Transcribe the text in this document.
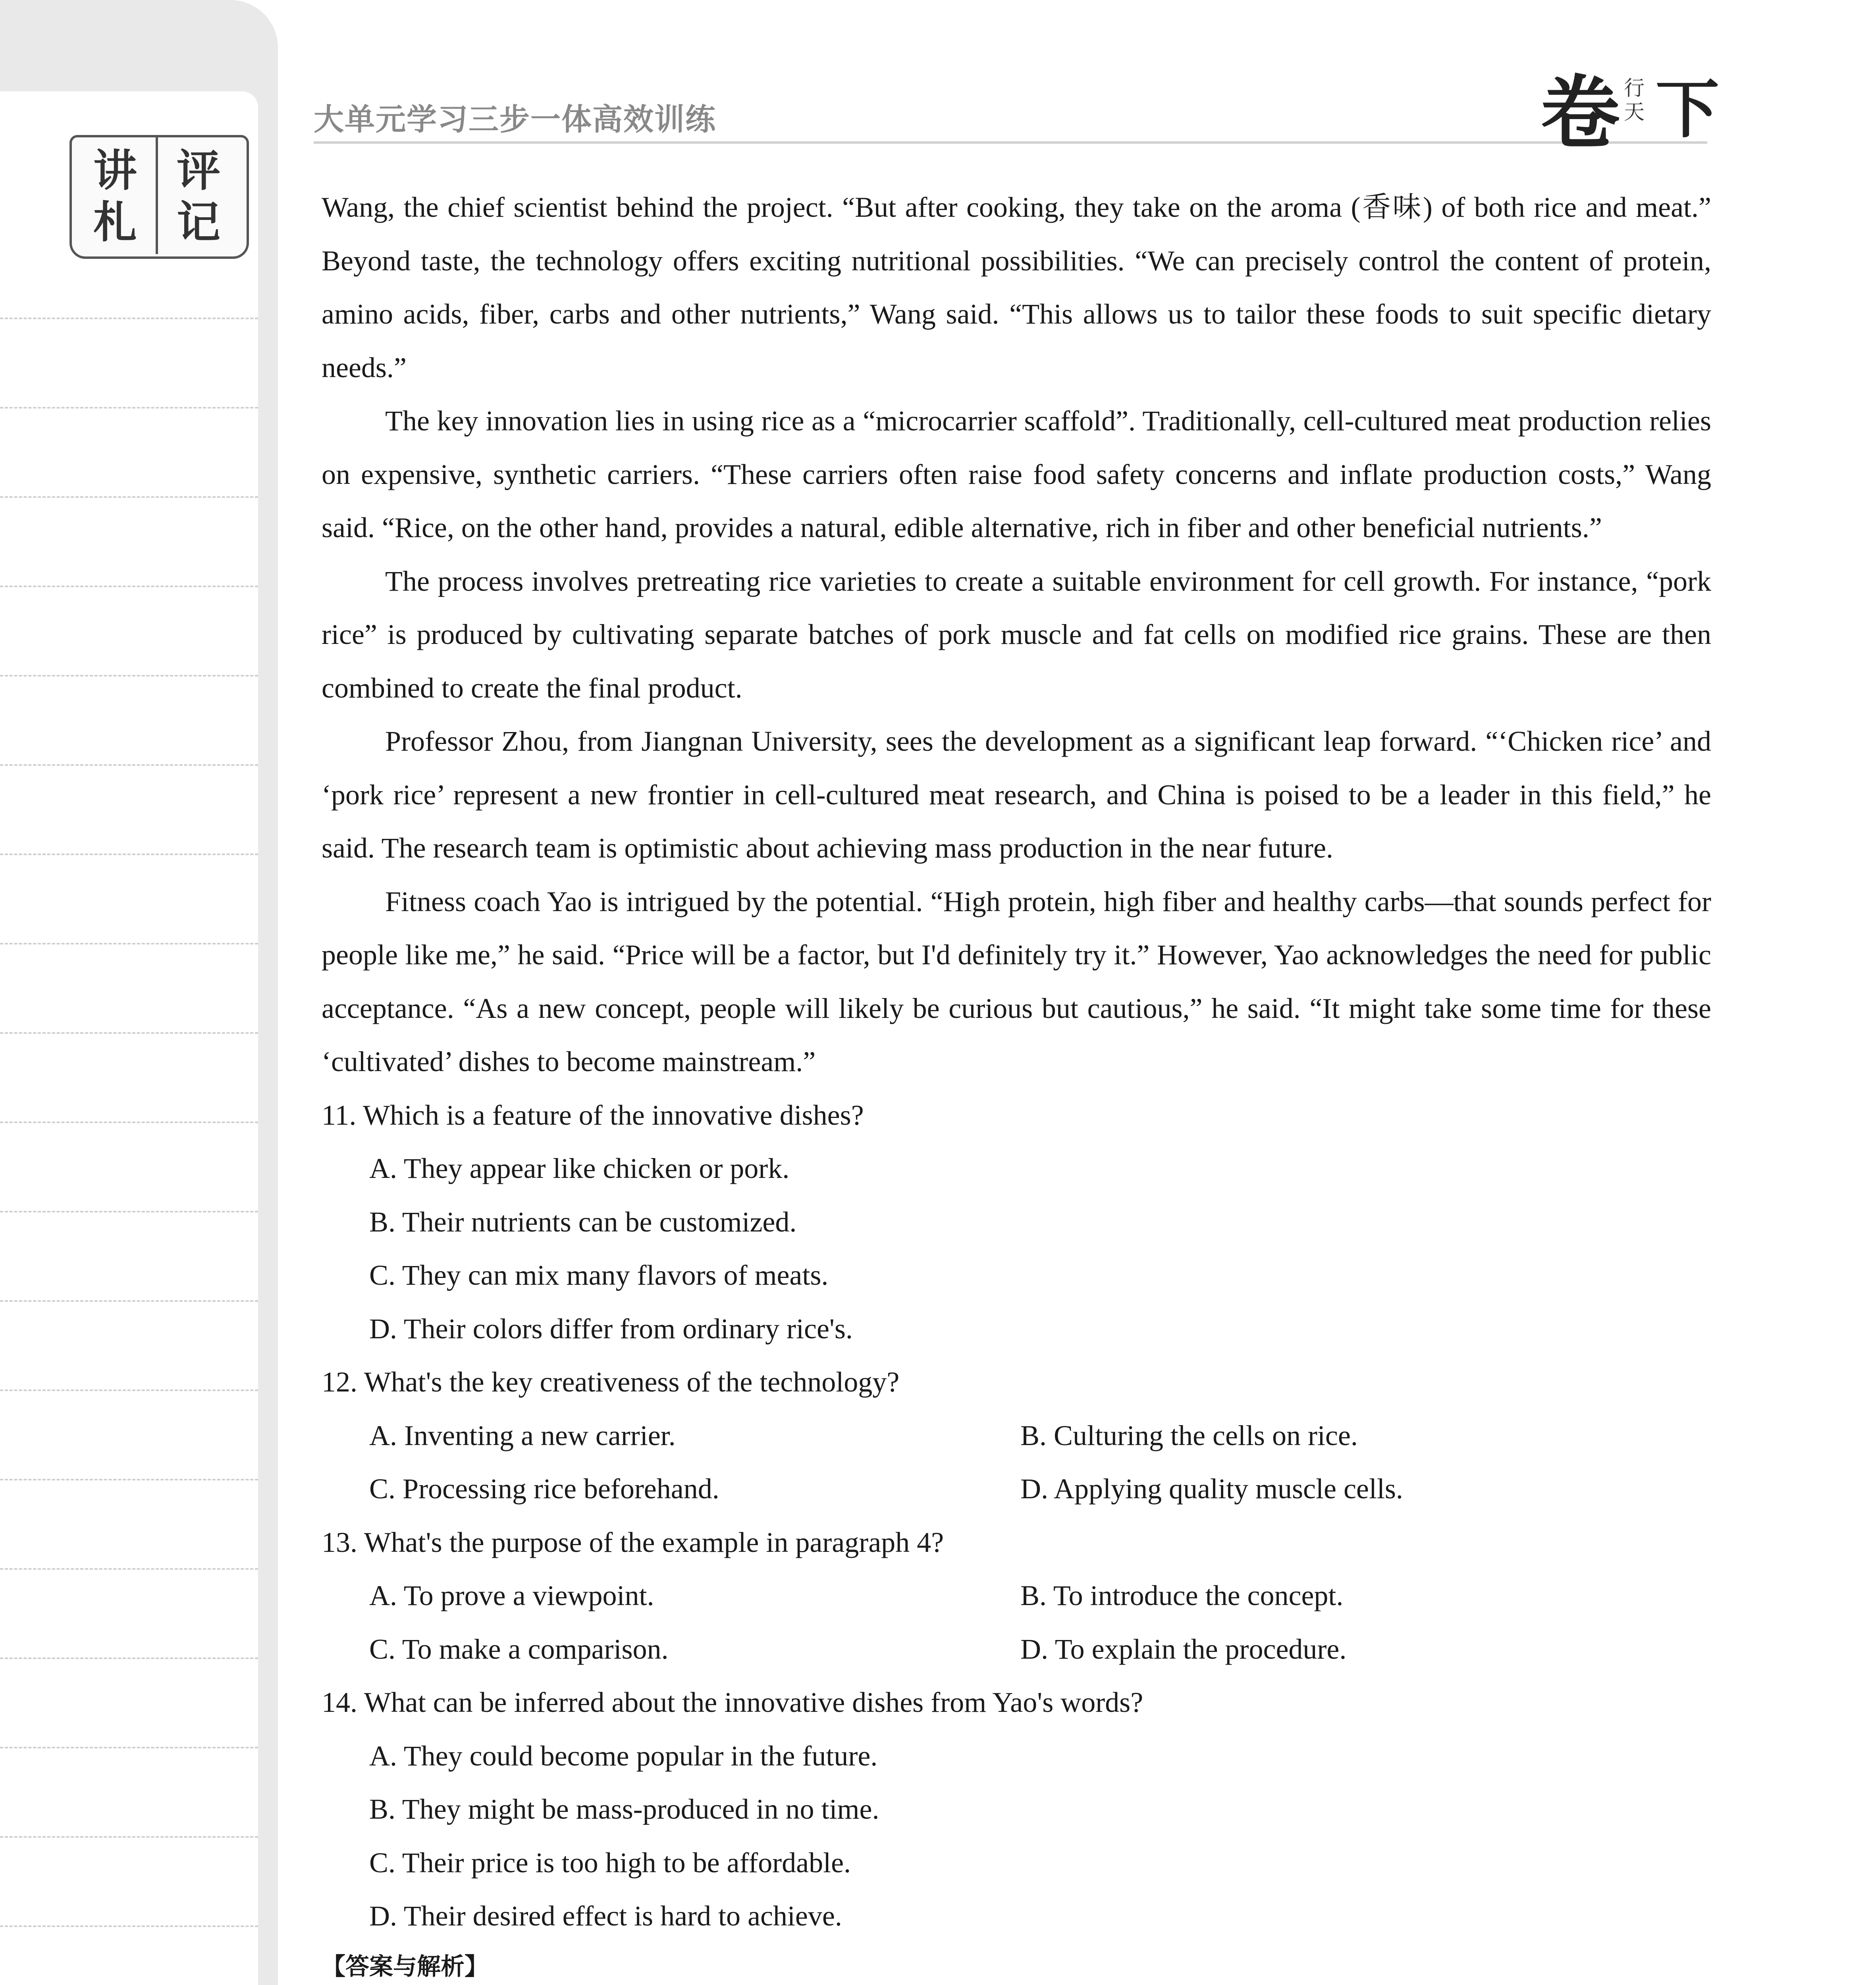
讲 评
札 记
大单元学习三步一体高效训练	卷 行
天 下

Wang, the chief scientist behind the project. “But after cooking, they take on the aroma (香味) of both rice and meat.” Beyond taste, the technology offers exciting nutritional possibilities. “We can precisely control the content of protein, amino acids, fiber, carbs and other nutrients,” Wang said. “This allows us to tailor these foods to suit specific dietary needs.”

The key innovation lies in using rice as a “microcarrier scaffold”. Traditionally, cell-cultured meat production relies on expensive, synthetic carriers. “These carriers often raise food safety concerns and inflate production costs,” Wang said. “Rice, on the other hand, provides a natural, edible alternative, rich in fiber and other beneficial nutrients.”

The process involves pretreating rice varieties to create a suitable environment for cell growth. For instance, “pork rice” is produced by cultivating separate batches of pork muscle and fat cells on modified rice grains. These are then combined to create the final product.

Professor Zhou, from Jiangnan University, sees the development as a significant leap forward. “‘Chicken rice’ and ‘pork rice’ represent a new frontier in cell-cultured meat research, and China is poised to be a leader in this field,” he said. The research team is optimistic about achieving mass production in the near future.

Fitness coach Yao is intrigued by the potential. “High protein, high fiber and healthy carbs—that sounds perfect for people like me,” he said. “Price will be a factor, but I'd definitely try it.” However, Yao acknowledges the need for public acceptance. “As a new concept, people will likely be curious but cautious,” he said. “It might take some time for these ‘cultivated’ dishes to become mainstream.”

11. Which is a feature of the innovative dishes?

A. They appear like chicken or pork.

B. Their nutrients can be customized.

C. They can mix many flavors of meats.

D. Their colors differ from ordinary rice's.

12. What's the key creativeness of the technology?

A. Inventing a new carrier.	B. Culturing the cells on rice.
C. Processing rice beforehand.	D. Applying quality muscle cells.

13. What's the purpose of the example in paragraph 4?

A. To prove a viewpoint.	B. To introduce the concept.
C. To make a comparison.	D. To explain the procedure.

14. What can be inferred about the innovative dishes from Yao's words?

A. They could become popular in the future.

B. They might be mass-produced in no time.

C. Their price is too high to be affordable.

D. Their desired effect is hard to achieve.

【答案与解析】
